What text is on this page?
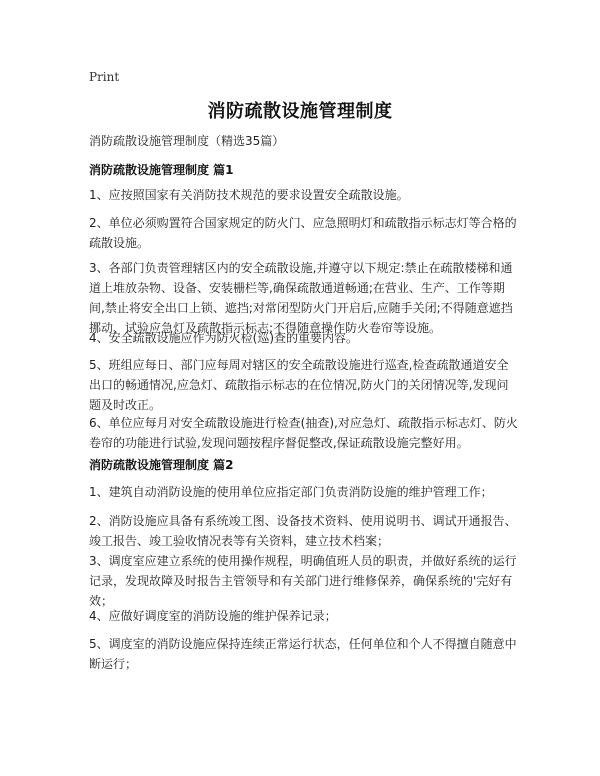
Print
消防疏散设施管理制度
消防疏散设施管理制度（精选35篇）
消防疏散设施管理制度 篇1
1、应按照国家有关消防技术规范的要求设置安全疏散设施。
2、单位必须购置符合国家规定的防火门、应急照明灯和疏散指示标志灯等合格的疏散设施。
3、各部门负责管理辖区内的安全疏散设施,并遵守以下规定:禁止在疏散楼梯和通道上堆放杂物、设备、安装栅栏等,确保疏散通道畅通;在营业、生产、工作等期间,禁止将安全出口上锁、遮挡;对常闭型防火门开启后,应随手关闭;不得随意遮挡挪动、试验应急灯及疏散指示标志;不得随意操作防火卷帘等设施。
4、安全疏散设施应作为防火检(巡)查的重要内容。
5、班组应每日、部门应每周对辖区的安全疏散设施进行巡查,检查疏散通道安全出口的畅通情况,应急灯、疏散指示标志的在位情况,防火门的关闭情况等,发现问题及时改正。
6、单位应每月对安全疏散设施进行检查(抽查),对应急灯、疏散指示标志灯、防火卷帘的功能进行试验,发现问题按程序督促整改,保证疏散设施完整好用。
消防疏散设施管理制度 篇2
1、建筑自动消防设施的使用单位应指定部门负责消防设施的维护管理工作；
2、消防设施应具备有系统竣工图、设备技术资料、使用说明书、调试开通报告、竣工报告、竣工验收情况表等有关资料，建立技术档案；
3、调度室应建立系统的使用操作规程，明确值班人员的职责，并做好系统的运行记录，发现故障及时报告主管领导和有关部门进行维修保养，确保系统的'完好有效；
4、应做好调度室的消防设施的维护保养记录；
5、调度室的消防设施应保持连续正常运行状态，任何单位和个人不得擅自随意中断运行；
